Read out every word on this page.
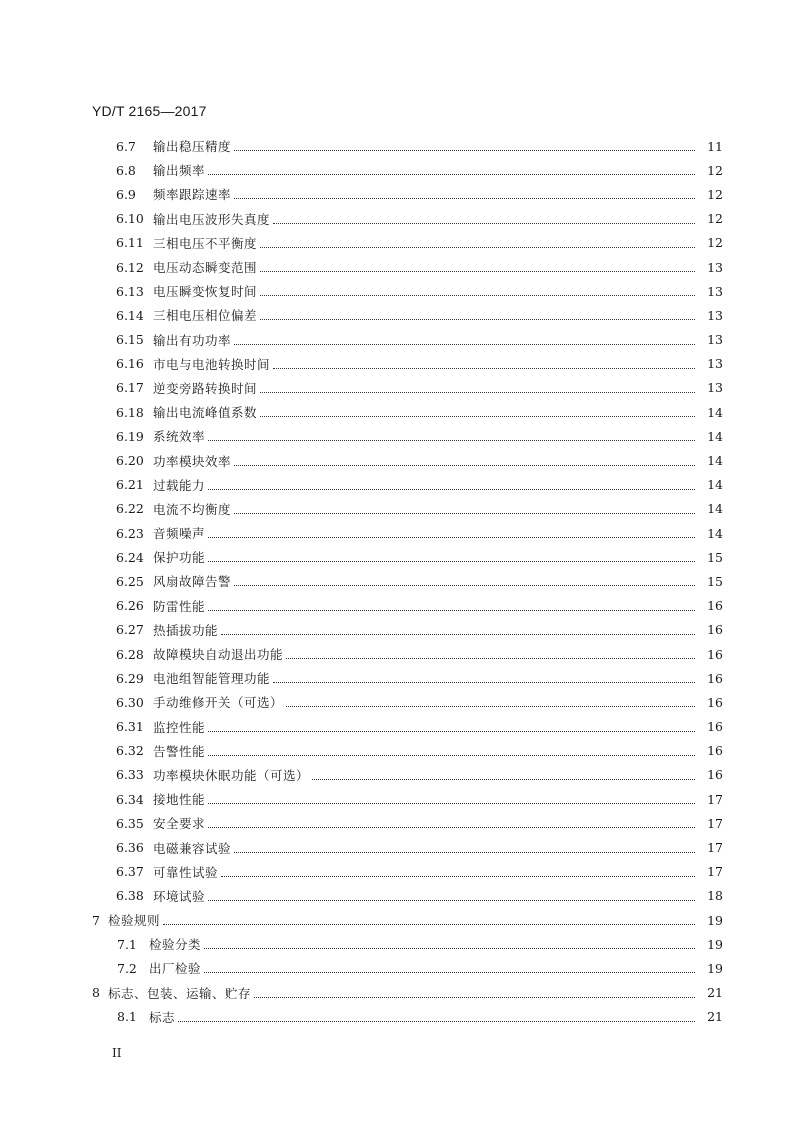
YD/T 2165—2017
6.7	输出稳压精度	11
6.8	输出频率	12
6.9	频率跟踪速率	12
6.10 输出电压波形失真度	12
6.11 三相电压不平衡度	12
6.12 电压动态瞬变范围	13
6.13 电压瞬变恢复时间	13
6.14 三相电压相位偏差	13
6.15 输出有功功率	13
6.16 市电与电池转换时间	13
6.17 逆变旁路转换时间	13
6.18 输出电流峰值系数	14
6.19 系统效率	14
6.20 功率模块效率	14
6.21 过载能力	14
6.22 电流不均衡度	14
6.23 音频噪声	14
6.24 保护功能	15
6.25 风扇故障告警	15
6.26 防雷性能	16
6.27 热插拔功能	16
6.28 故障模块自动退出功能	16
6.29 电池组智能管理功能	16
6.30 手动维修开关（可选）	16
6.31 监控性能	16
6.32 告警性能	16
6.33 功率模块休眠功能（可选）	16
6.34 接地性能	17
6.35 安全要求	17
6.36 电磁兼容试验	17
6.37 可靠性试验	17
6.38 环境试验	18
7 检验规则	19
7.1 检验分类	19
7.2 出厂检验	19
8 标志、包装、运输、贮存	21
8.1 标志	21
II
